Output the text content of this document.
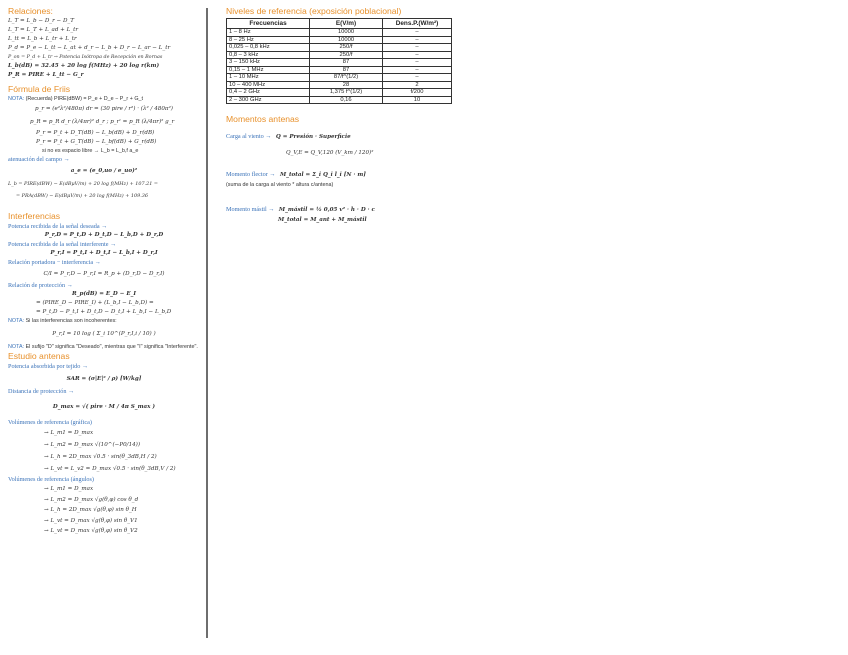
Relaciones:
L_T = L_b − D_r − D_T
L_T = L_T + L_ad + L_tr
L_tt = L_b + L_tr + L_tr
P_d = P_e − L_tt − L_at + d_r − L_b + D_r − L_ar − L_tr
P_on = P_d + L_tr → Potencia Isótropa de Recepción en Bornas
L_b(dB) = 32.45 + 20 log f(MHz) + 20 log r(km)
P_R = PIRE + L_tt − G_r
Fórmula de Friis
NOTA: (Recuerda) PIRE(dBW) = P_e + D_e − P_r + G_t
p_r = (e²λ²/480π) dr = (30 pire / r²) · (λ² / 480π²)
p_R = p_R d_r (λ/4πr)² d_r ; p_r' = p_R (λ/4πr)² g_r
P_r = P_t + D_T(dB) − L_b(dB) + D_r(dB)
P_r = P_t + G_T(dB) − L_bf(dB) + G_r(dB)
si no es espacio libre → L_b = L_b,f a_e
atenuación del campo →
a_e = (e_0,uo / e_uo)²
L_b = PIRE(dBW) − E(dBμV/m) + 20 log f(MHz) + 107.21 =
= PRA(dBW) − E(dBμV/m) + 20 log f(MHz) + 109.36
Interferencias
Potencia recibida de la señal deseada →
P_r,D = P_t,D + D_t,D − L_b,D + D_r,D
Potencia recibida de la señal interferente →
P_r,I = P_t,I + D_t,I − L_b,I + D_r,I
Relación portadora − interferencia →
C/I = P_r,D − P_r,I = R_p + (D_r,D − D_r,I)
Relación de protección →
R_p(dB) = E_D − E_I
= (PIRE_D − PIRE_I) + (L_b,I − L_b,D) =
= P_t,D − P_t,I + D_t,D − D_t,I + L_b,I − L_b,D
NOTA: Si las interferencias son incoherentes:
P_r,I = 10 log ( Σ_i 10^(P_r,I,i / 10) )
NOTA: El sufijo "D" significa "Deseado", mientras que "I" significa "Interferente".
Estudio antenas
Potencia absorbida por tejido →
SAR = (σ|E|² / ρ) [W/kg]
Distancia de protección →
D_max = √( pire · M / 4π S_max )
Volúmenes de referencia (gráfica)
→ L_m1 = D_max
→ L_m2 = D_max √(10^(−P0/14))
→ L_h = 2D_max √0.5 · sin(θ_3dB,H / 2)
→ L_vt = L_v2 = D_max √0.5 · sin(θ_3dB,V / 2)
Volúmenes de referencia (ángulos)
→ L_m1 = D_max
→ L_m2 = D_max √g(θ,φ) cos θ_d
→ L_h = 2D_max √g(θ,φ) sin θ_H
→ L_vt = D_max √g(θ,φ) sin θ_V1
→ L_vt = D_max √g(θ,φ) sin θ_V2
Niveles de referencia (exposición poblacional)
Frecuencias	E(V/m)	Dens.P.(W/m²)
1 – 8 Hz	10000	–
8 – 25 Hz	10000	–
0,025 – 0,8 kHz	250/f	–
0,8 – 3 kHz	250/f	–
3 – 150 kHz	87	–
0,15 – 1 MHz	87	–
1 – 10 MHz	87/f^(1/2)	–
10 – 400 MHz	28	2
0,4 – 2 GHz	1,375 f^(1/2)	f/200
2 – 300 GHz	0,16	10
Momentos antenas
Carga al viento → Q = Presión · Superficie
Q_V,E = Q_V,120 (V_km / 120)²
Momento flector → M_total = Σ_i Q_i l_i [N · m]
(suma de la carga al viento * altura c/antena)
Momento mástil → M_mástil = ½ 0,05 v² · h · D · c
M_total = M_ant + M_mástil
